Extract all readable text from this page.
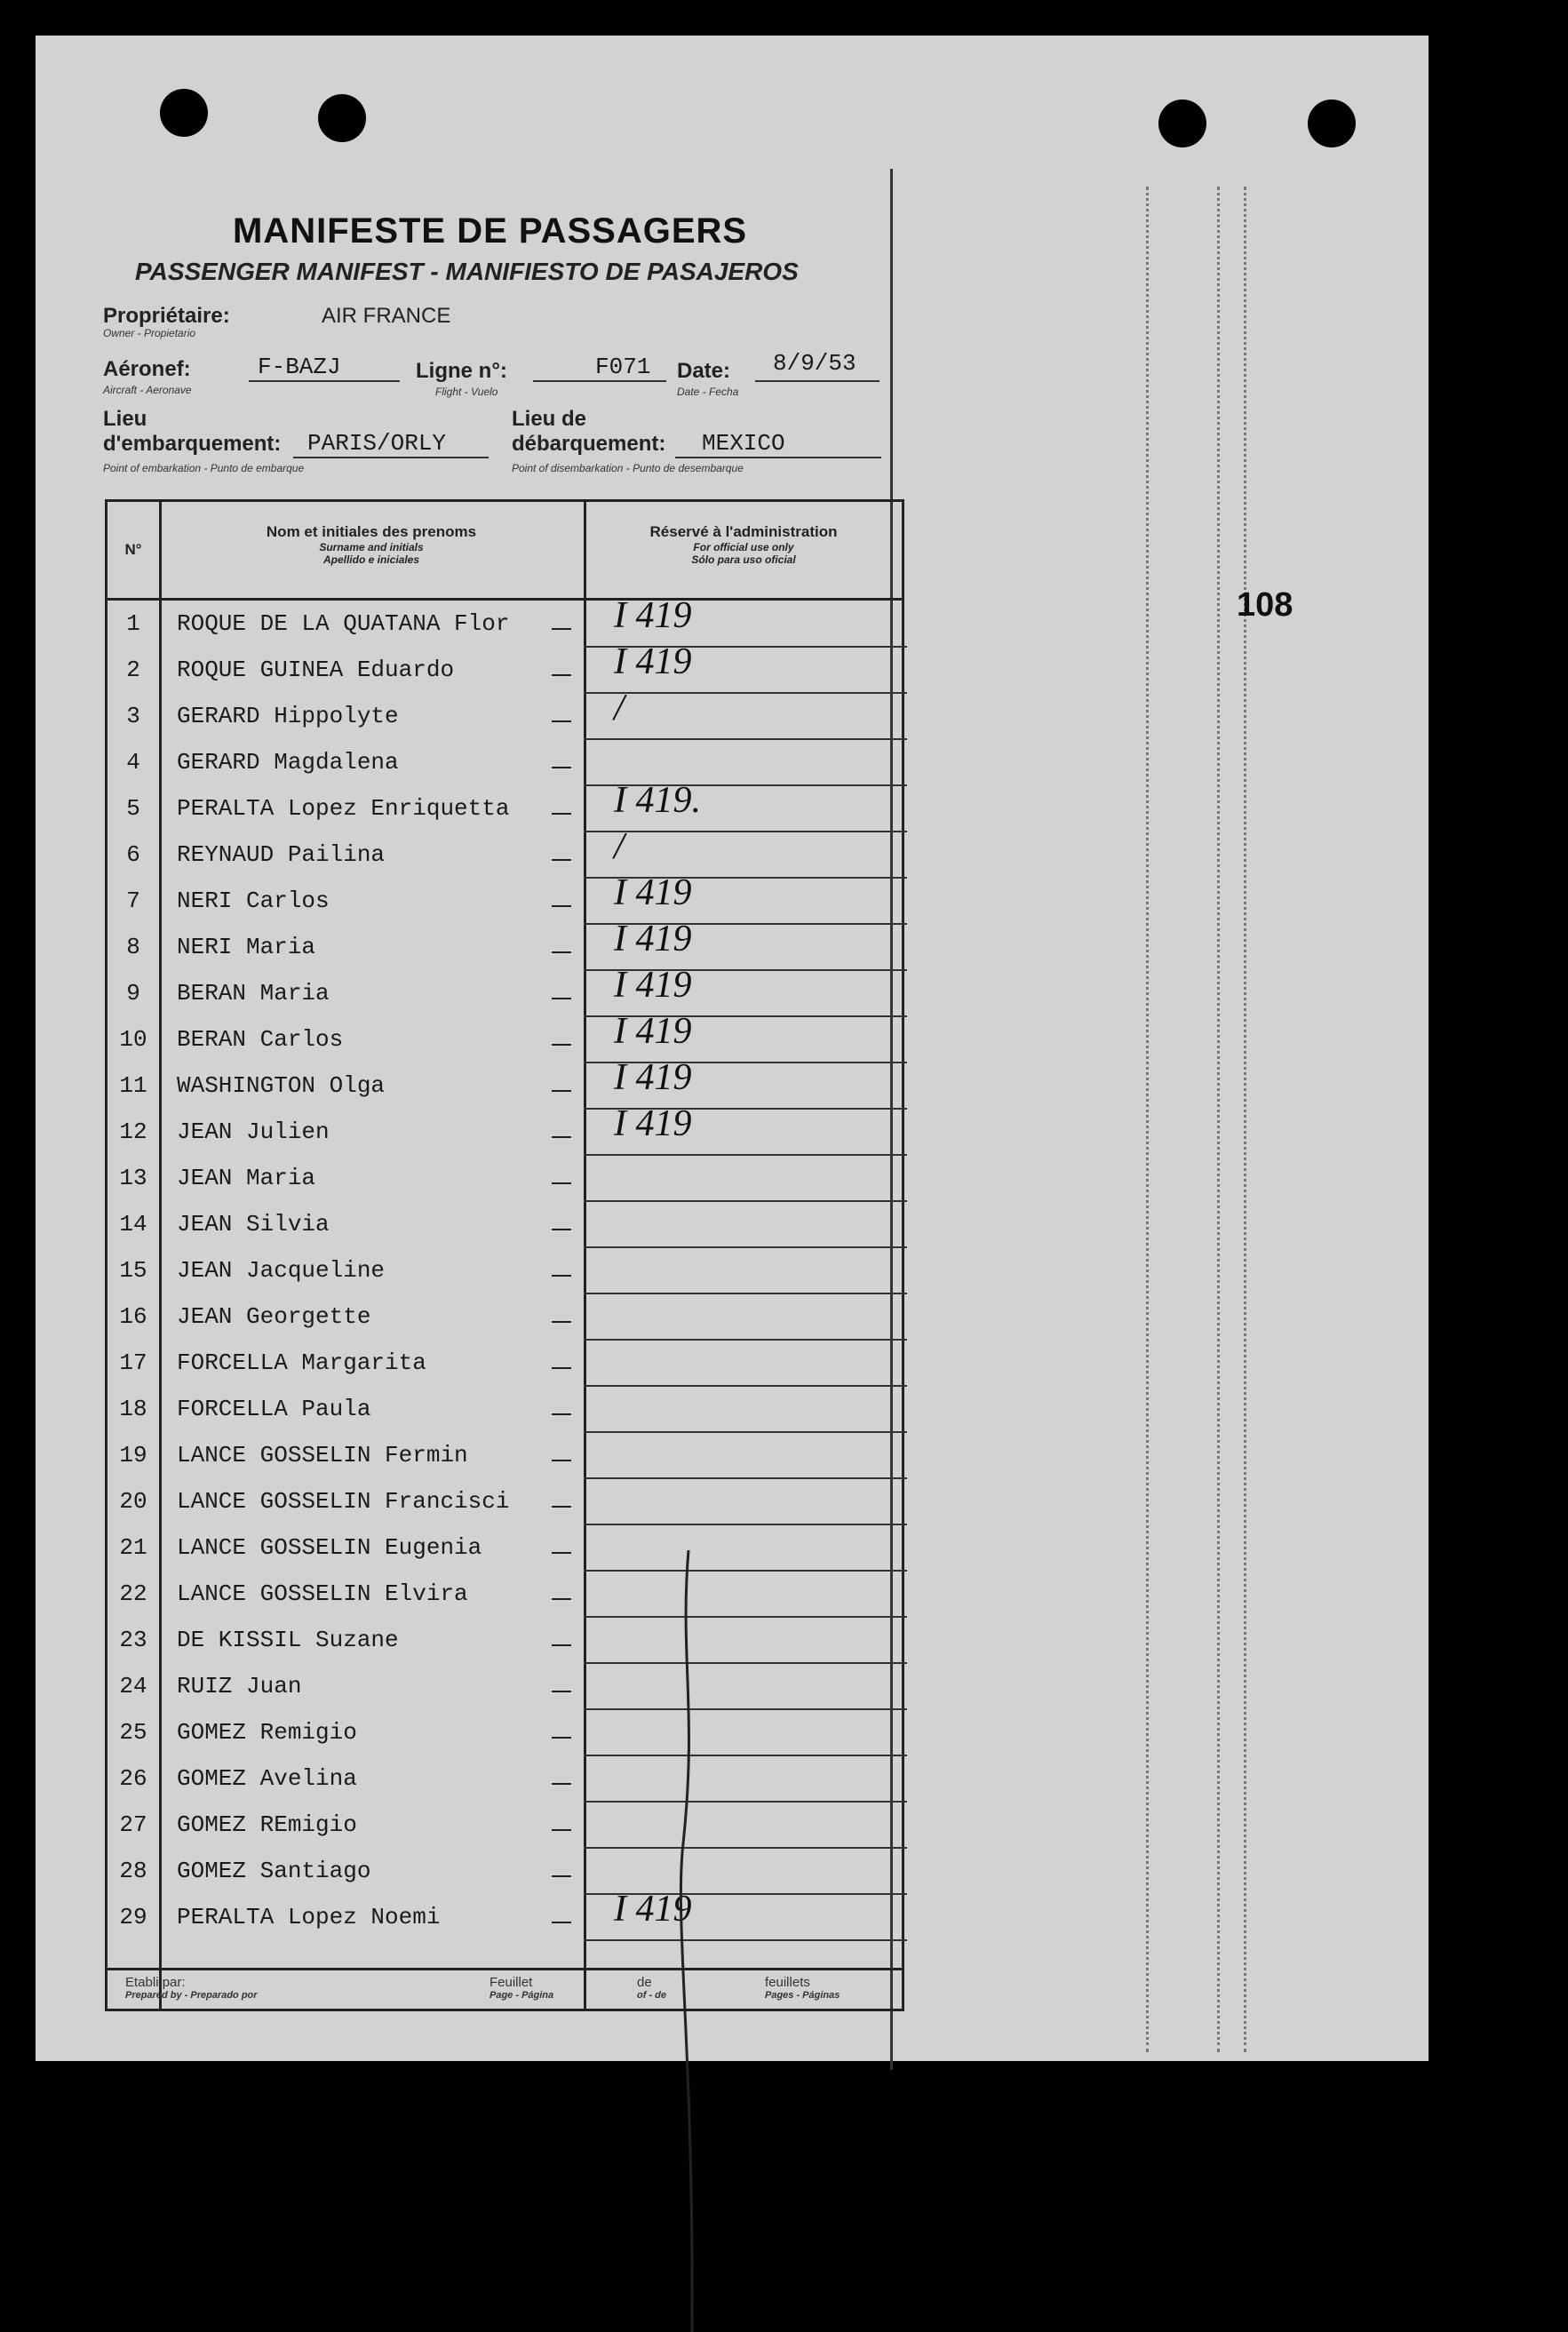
MANIFESTE DE PASSAGERS
PASSENGER MANIFEST - MANIFIESTO DE PASAJEROS
Propriétaire:
Owner - Propietario
AIR FRANCE
Aéronef:
Aircraft - Aeronave
F-BAZJ	Ligne n°:
Flight - Vuelo
F071 Date:
Date - Fecha
8/9/53
Lieu
d'embarquement:
Point of embarkation - Punto de embarque
PARIS/ORLY
Lieu de
débarquement:
Point of disembarkation - Punto de desembarque
MEXICO
N°
Nom et initiales des prenoms
Surname and initials
Apellido e iniciales
Réservé à l'administration
For official use only
Sólo para uso oficial
1	ROQUE DE LA QUATANA Flor	I 419
2	ROQUE GUINEA Eduardo	I 419
3	GERARD Hippolyte	/
4	GERARD Magdalena
5	PERALTA Lopez Enriquetta	I 419.
6	REYNAUD Pailina	/
7	NERI Carlos	I 419
8	NERI Maria	I 419
9	BERAN Maria	I 419
10	BERAN Carlos	I 419
11	WASHINGTON Olga	I 419
12	JEAN Julien	I 419
13	JEAN Maria
14	JEAN Silvia
15	JEAN Jacqueline
16	JEAN Georgette
17	FORCELLA Margarita
18	FORCELLA Paula
19	LANCE GOSSELIN Fermin
20	LANCE GOSSELIN Francisci
21	LANCE GOSSELIN Eugenia
22	LANCE GOSSELIN Elvira
23	DE KISSIL Suzane
24	RUIZ Juan
25	GOMEZ Remigio
26	GOMEZ Avelina
27	GOMEZ REmigio
28	GOMEZ Santiago
29	PERALTA Lopez Noemi	I 419
Etabli par:
Prepared by - Preparado por
Feuillet
Page - Página
de
of - de
feuillets
Pages - Páginas
108
